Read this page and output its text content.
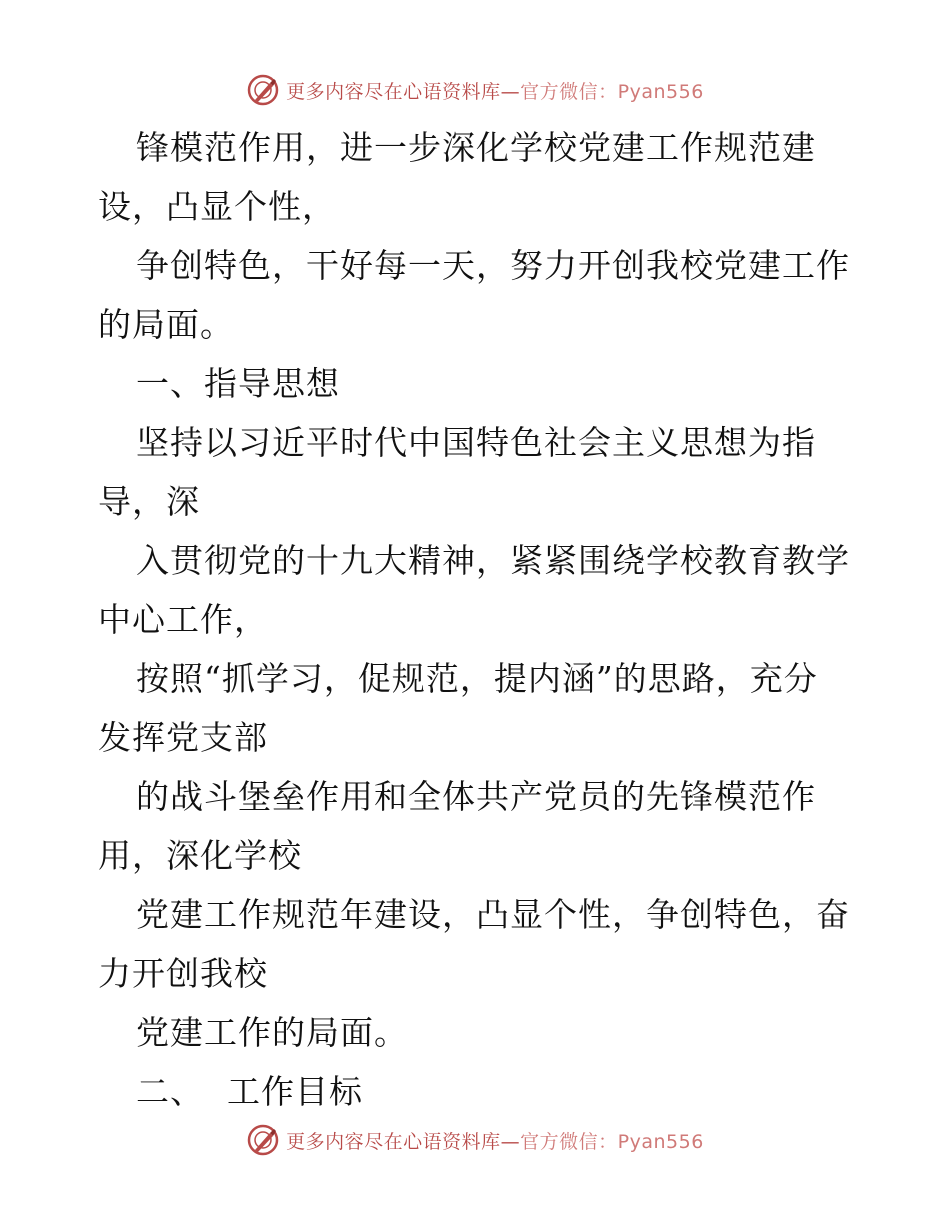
更多内容尽在心语资料库—官方微信：Pyan556
锋模范作用，进一步深化学校党建工作规范建
设，凸显个性，
争创特色，干好每一天，努力开创我校党建工作
的局面。
一、指导思想
坚持以习近平时代中国特色社会主义思想为指
导，深
入贯彻党的十九大精神，紧紧围绕学校教育教学
中心工作，
按照“抓学习，促规范，提内涵”的思路，充分
发挥党支部
的战斗堡垒作用和全体共产党员的先锋模范作
用，深化学校
党建工作规范年建设，凸显个性，争创特色，奋
力开创我校
党建工作的局面。
二、  工作目标
更多内容尽在心语资料库—官方微信：Pyan556
